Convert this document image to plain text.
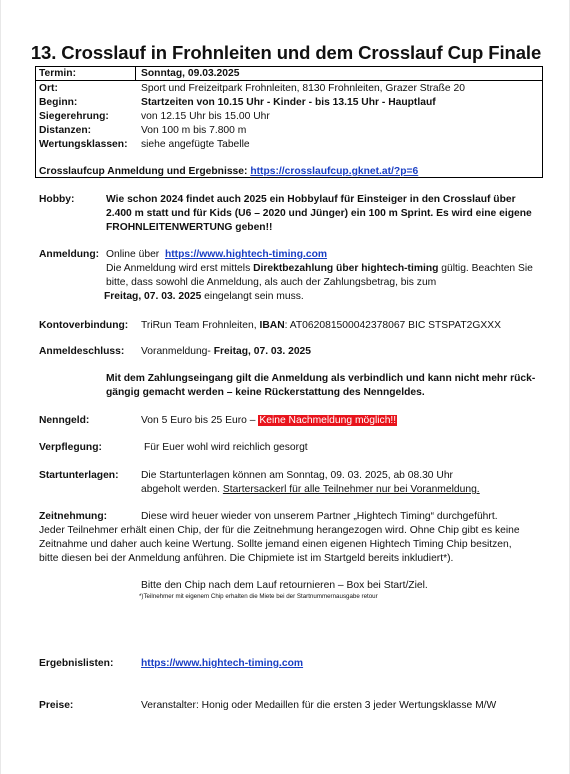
13. Crosslauf in Frohnleiten und dem Crosslauf Cup Finale
Termin:	Sonntag, 09.03.2025
Ort:	Sport und Freizeitpark Frohnleiten, 8130 Frohnleiten, Grazer Straße 20
Beginn:	Startzeiten von 10.15 Uhr - Kinder - bis 13.15 Uhr - Hauptlauf
Siegerehrung:	von 12.15 Uhr bis 15.00 Uhr
Distanzen:	Von 100 m bis 7.800 m
Wertungsklassen: siehe angefügte Tabelle
Crosslaufcup Anmeldung und Ergebnisse: https://crosslaufcup.gknet.at/?p=6
Hobby:	Wie schon 2024 findet auch 2025 ein Hobbylauf für Einsteiger in den Crosslauf über
2.400 m statt und für Kids (U6 – 2020 und Jünger) ein 100 m Sprint. Es wird eine eigene
FROHNLEITENWERTUNG geben!!
Anmeldung: Online über https://www.hightech-timing.com
Die Anmeldung wird erst mittels Direktbezahlung über hightech-timing gültig. Beachten Sie
bitte, dass sowohl die Anmeldung, als auch der Zahlungsbetrag, bis zum
Freitag, 07. 03. 2025 eingelangt sein muss.
Kontoverbindung: TriRun Team Frohnleiten, IBAN: AT062081500042378067 BIC STSPAT2GXXX
Anmeldeschluss: Voranmeldung- Freitag, 07. 03. 2025
Mit dem Zahlungseingang gilt die Anmeldung als verbindlich und kann nicht mehr rück-
gängig gemacht werden – keine Rückerstattung des Nenngeldes.
Nenngeld:	Von 5 Euro bis 25 Euro – Keine Nachmeldung möglich!!
Verpflegung:	Für Euer wohl wird reichlich gesorgt
Startunterlagen: Die Startunterlagen können am Sonntag, 09. 03. 2025, ab 08.30 Uhr
abgeholt werden. Startersackerl für alle Teilnehmer nur bei Voranmeldung.
Zeitnehmung:	Diese wird heuer wieder von unserem Partner „Hightech Timing“ durchgeführt.
Jeder Teilnehmer erhält einen Chip, der für die Zeitnehmung herangezogen wird. Ohne Chip gibt es keine
Zeitnahme und daher auch keine Wertung. Sollte jemand einen eigenen Hightech Timing Chip besitzen,
bitte diesen bei der Anmeldung anführen. Die Chipmiete ist im Startgeld bereits inkludiert*).
Bitte den Chip nach dem Lauf retournieren – Box bei Start/Ziel.
*)Teilnehmer mit eigenem Chip erhalten die Miete bei der Startnummernausgabe retour
Ergebnislisten:	https://www.hightech-timing.com
Preise:	Veranstalter: Honig oder Medaillen für die ersten 3 jeder Wertungsklasse M/W
